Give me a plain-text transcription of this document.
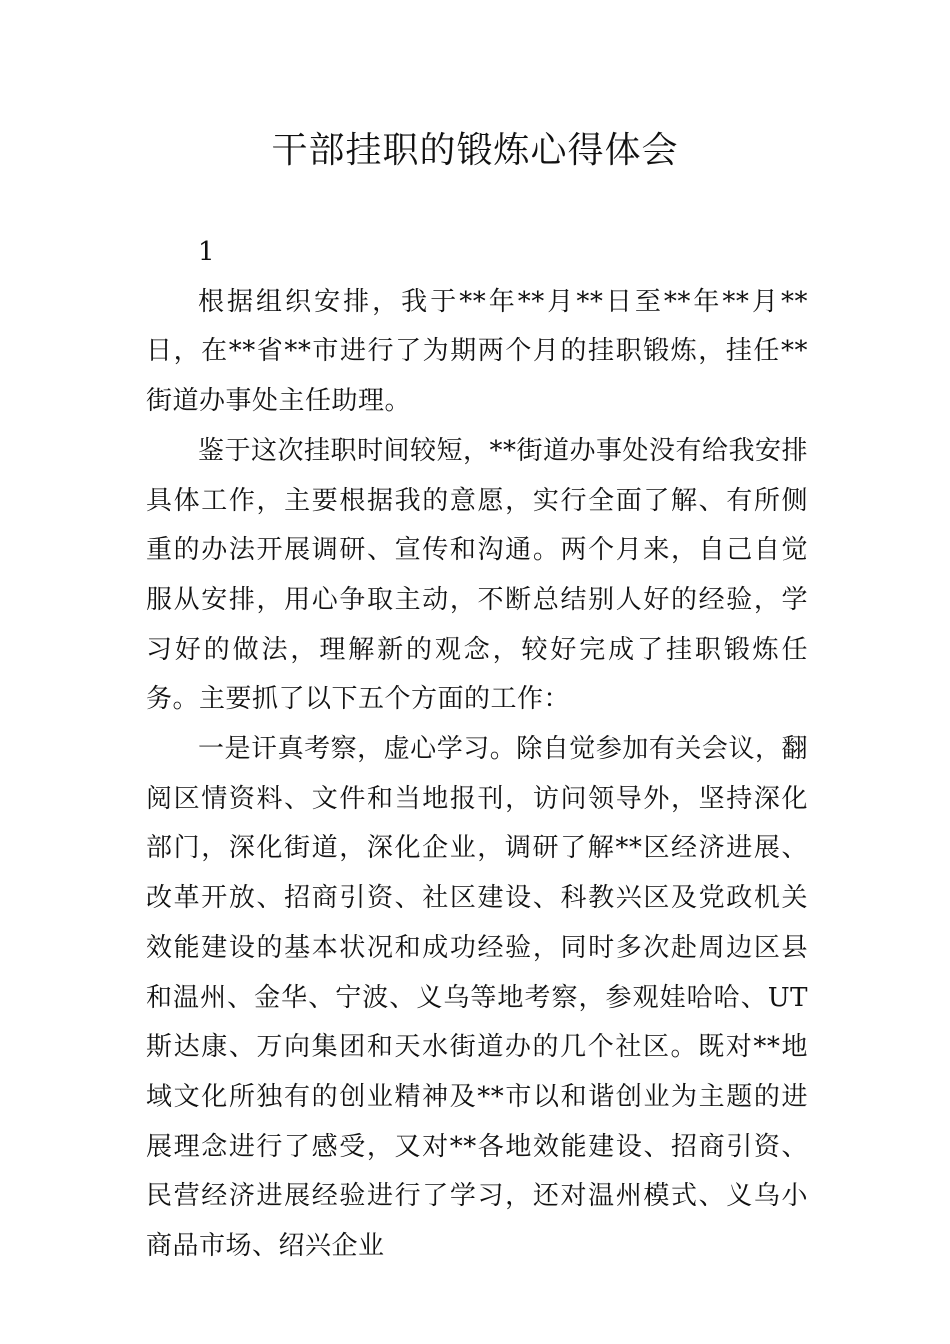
干部挂职的锻炼心得体会

1

根据组织安排，我于**年**月**日至**年**月**日，在**省**市进行了为期两个月的挂职锻炼，挂任**街道办事处主任助理。

鉴于这次挂职时间较短，**街道办事处没有给我安排具体工作，主要根据我的意愿，实行全面了解、有所侧重的办法开展调研、宣传和沟通。两个月来，自己自觉服从安排，用心争取主动，不断总结别人好的经验，学习好的做法，理解新的观念，较好完成了挂职锻炼任务。主要抓了以下五个方面的工作：

一是讦真考察，虚心学习。除自觉参加有关会议，翻阅区情资料、文件和当地报刊，访问领导外，坚持深化部门，深化街道，深化企业，调研了解**区经济进展、改革开放、招商引资、社区建设、科教兴区及党政机关效能建设的基本状况和成功经验，同时多次赴周边区县和温州、金华、宁波、义乌等地考察，参观娃哈哈、UT斯达康、万向集团和天水街道办的几个社区。既对**地域文化所独有的创业精神及**市以和谐创业为主题的进展理念进行了感受，又对**各地效能建设、招商引资、民营经济进展经验进行了学习，还对温州模式、义乌小商品市场、绍兴企业
